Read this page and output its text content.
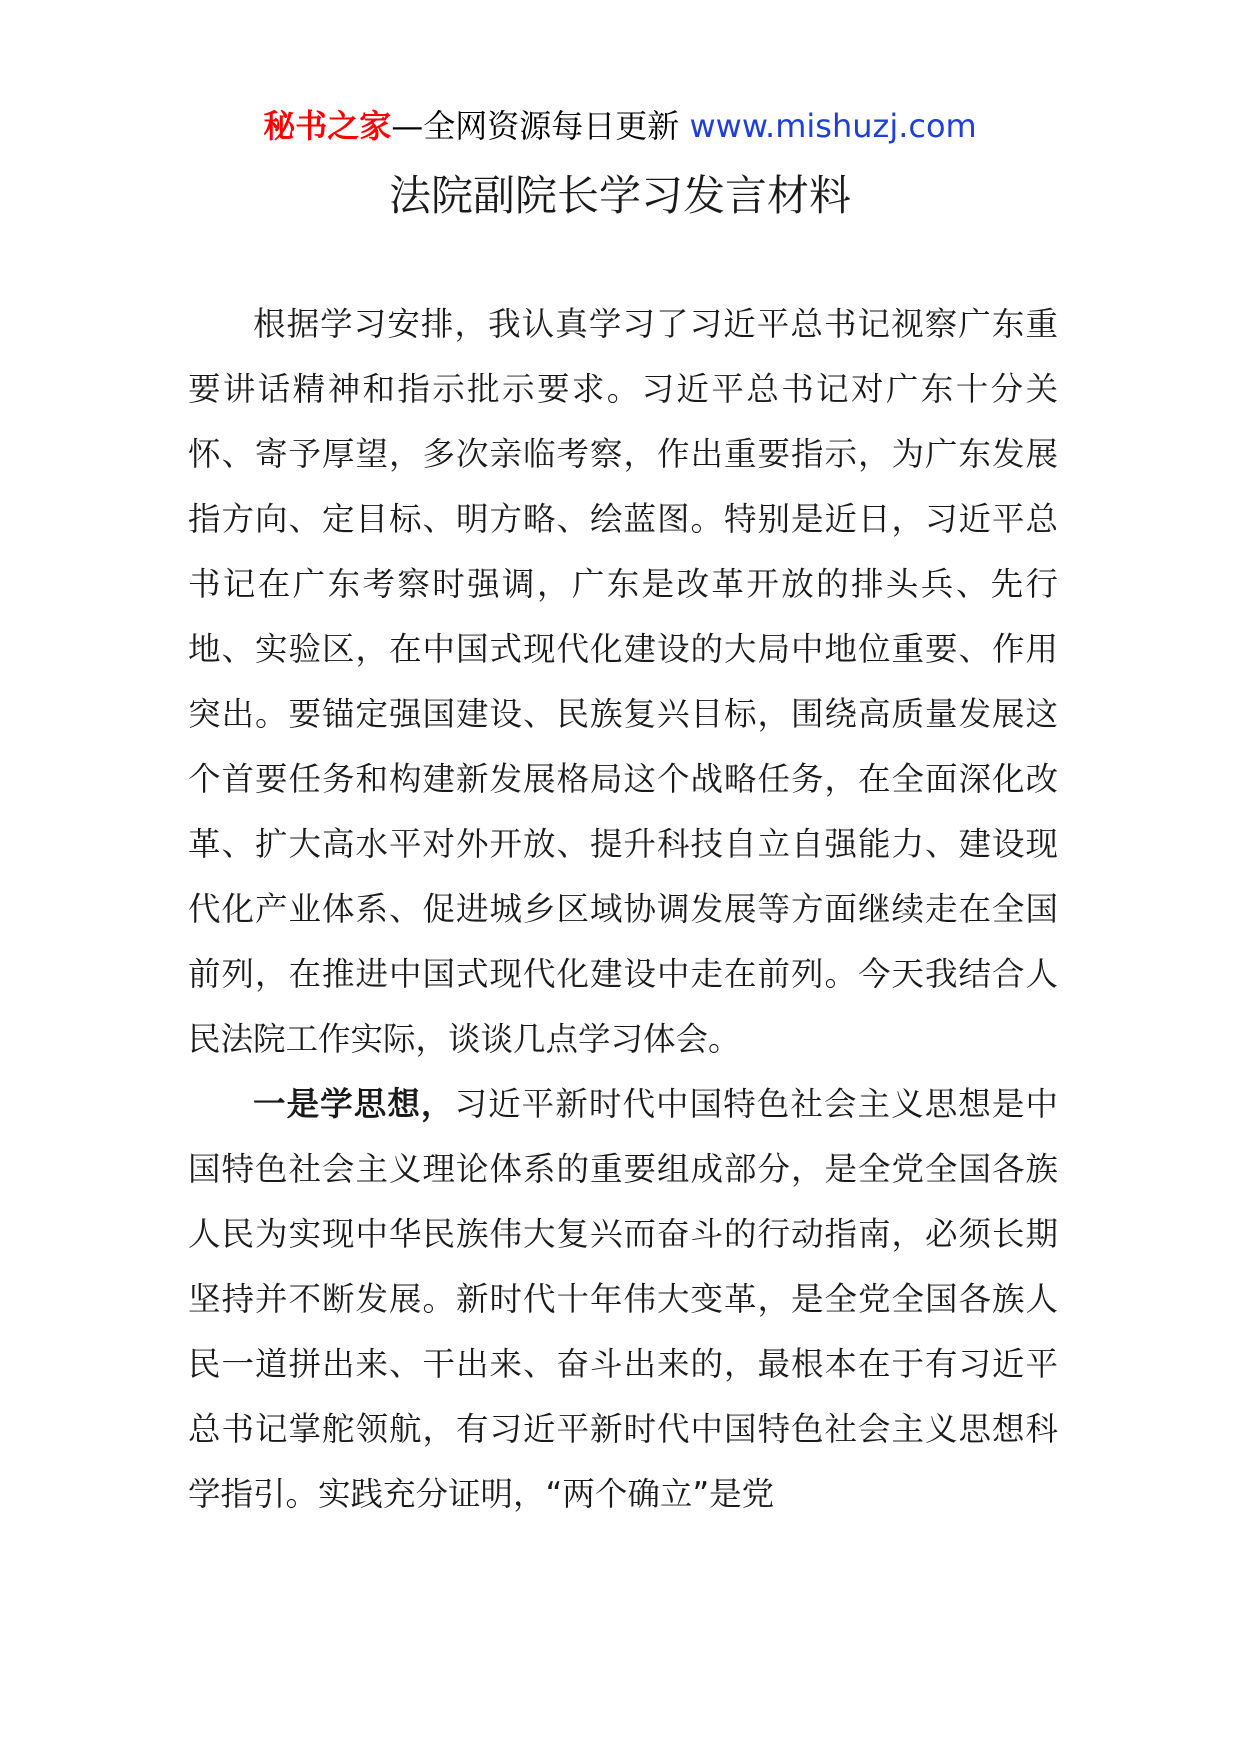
秘书之家—全网资源每日更新 www.mishuzj.com
法院副院长学习发言材料

根据学习安排，我认真学习了习近平总书记视察广东重要讲话精神和指示批示要求。习近平总书记对广东十分关怀、寄予厚望，多次亲临考察，作出重要指示，为广东发展指方向、定目标、明方略、绘蓝图。特别是近日，习近平总书记在广东考察时强调，广东是改革开放的排头兵、先行地、实验区，在中国式现代化建设的大局中地位重要、作用突出。要锚定强国建设、民族复兴目标，围绕高质量发展这个首要任务和构建新发展格局这个战略任务，在全面深化改革、扩大高水平对外开放、提升科技自立自强能力、建设现代化产业体系、促进城乡区域协调发展等方面继续走在全国前列，在推进中国式现代化建设中走在前列。今天我结合人民法院工作实际，谈谈几点学习体会。

一是学思想，习近平新时代中国特色社会主义思想是中国特色社会主义理论体系的重要组成部分，是全党全国各族人民为实现中华民族伟大复兴而奋斗的行动指南，必须长期坚持并不断发展。新时代十年伟大变革，是全党全国各族人民一道拼出来、干出来、奋斗出来的，最根本在于有习近平总书记掌舵领航，有习近平新时代中国特色社会主义思想科学指引。实践充分证明，“两个确立”是党
